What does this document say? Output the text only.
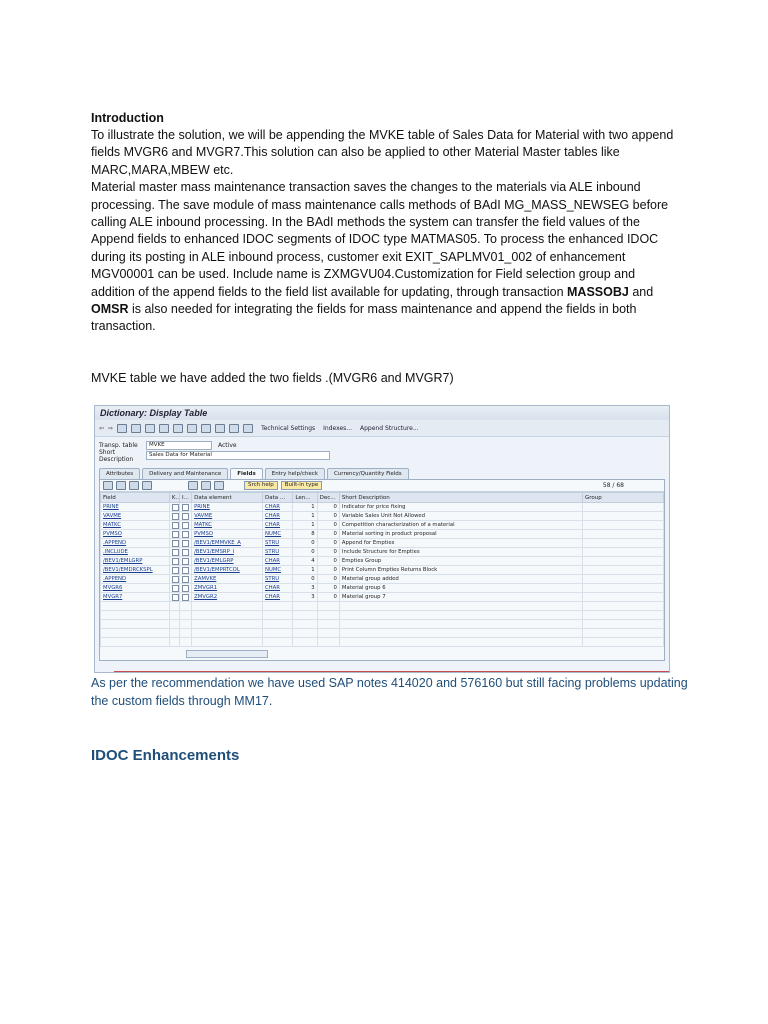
Introduction

To illustrate the solution, we will be appending the MVKE table of Sales Data for Material with two append fields MVGR6 and MVGR7.This solution can also be applied to other Material Master tables like MARC,MARA,MBEW etc.

Material master mass maintenance transaction saves the changes to the materials via ALE inbound processing. The save module of mass maintenance calls methods of BAdI MG_MASS_NEWSEG before calling ALE inbound processing. In the BAdI methods the system can transfer the field values of the Append fields to enhanced IDOC segments of IDOC type MATMAS05. To process the enhanced IDOC during its posting in ALE inbound process, customer exit EXIT_SAPLMV01_002 of enhancement MGV00001 can be used. Include name is ZXMGVU04.Customization for Field selection group and addition of the append fields to the field list available for updating, through transaction MASSOBJ and OMSR is also needed for integrating the fields for mass maintenance and append the fields in both transaction.

MVKE table we have added the two fields .(MVGR6 and MVGR7)
Dictionary: Display Table
⇦ ⇨	Technical Settings Indexes... Append Structure...
Transp. table	MVKE	Active
Short Description
Sales Data for Material
Attributes	Delivery and Maintenance	Fields	Entry help/check	Currency/Quantity Fields
Srch help	Built-in type	58 / 68
Field	K..	I...	Data element	Data ...	Len...	Dec...	Short Description	Group
PRINE			PRINE	CHAR	1	0	Indicator for price fixing	
VAVME			VAVME	CHAR	1	0	Variable Sales Unit Not Allowed	
MATKC			MATKC	CHAR	1	0	Competition characterization of a material	
PVMSO			PVMSO	NUMC	8	0	Material sorting in product proposal	
.APPEND			/BEV1/EMMVKE_A	STRU	0	0	Append for Empties	
.INCLUDE			/BEV1/EMSRP_I	STRU	0	0	Include Structure for Empties	
/BEV1/EMLGRP			/BEV1/EMLGRP	CHAR	4	0	Empties Group	
/BEV1/EMDRCKSPL			/BEV1/EMPRTCOL	NUMC	1	0	Print Column Empties Returns Block	
.APPEND			ZAMVKE	STRU	0	0	Material group added	
MVGR6			ZMVGR1	CHAR	3	0	Material group 6	
MVGR7			ZMVGR2	CHAR	3	0	Material group 7	

As per the recommendation we have used SAP notes 414020 and 576160 but still facing problems updating the custom fields through MM17.
IDOC Enhancements
